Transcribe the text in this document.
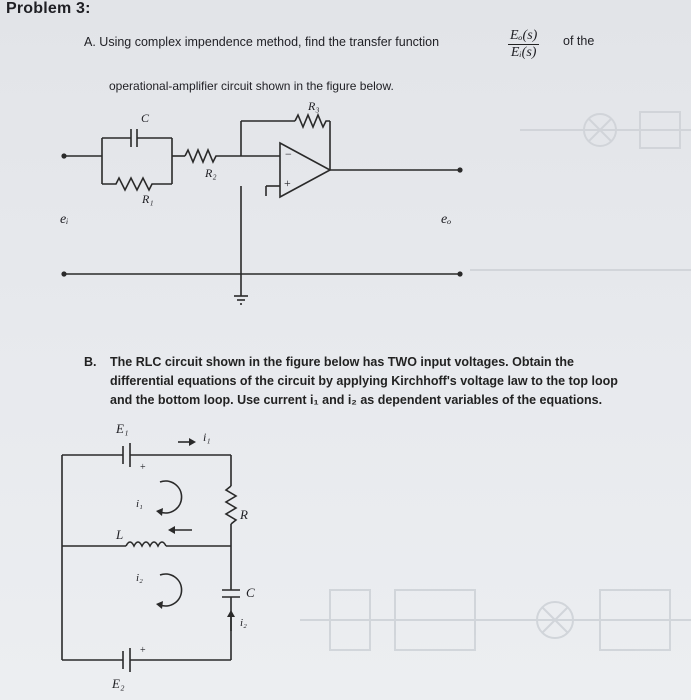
Problem 3:
A. Using complex impendence method, find the transfer function	$\frac{\text{Eₒ(s)}}{\text{Eᵢ(s)}}$ of the
operational-amplifier circuit shown in the figure below.
C
R₁
R₂
R₃
−
+
eᵢ	eₒ
B. The RLC circuit shown in the figure below has TWO input voltages. Obtain the
differential equations of the circuit by applying Kirchhoff's voltage law to the top loop
and the bottom loop. Use current i₁ and i₂ as dependent variables of the equations.
E₁
+
i₁
i₁
R
L
i₂
C
i₂
+
E₂
